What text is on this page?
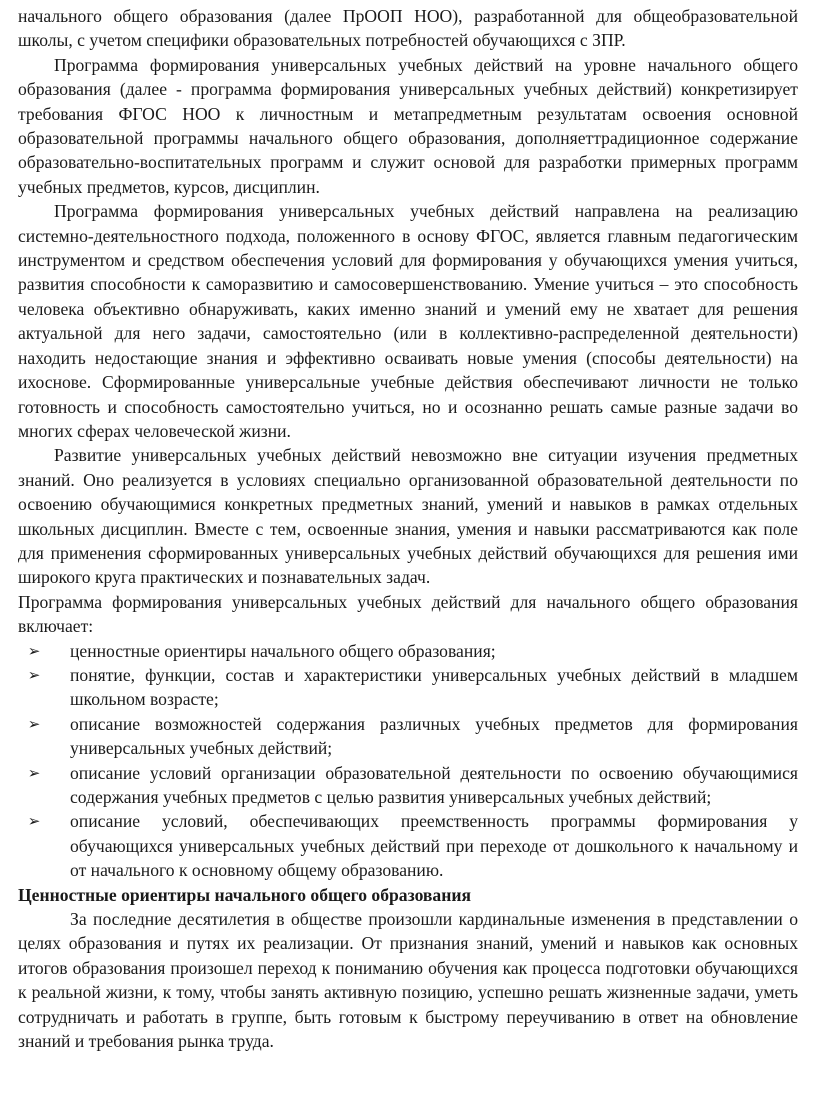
начального общего образования (далее ПрООП НОО), разработанной для общеобразовательной школы, с учетом специфики образовательных потребностей обучающихся с ЗПР.

Программа формирования универсальных учебных действий на уровне начального общего образования (далее - программа формирования универсальных учебных действий) конкретизирует требования ФГОС НОО к личностным и метапредметным результатам освоения основной образовательной программы начального общего образования, дополняеттрадиционное содержание образовательно-воспитательных программ и служит основой для разработки примерных программ учебных предметов, курсов, дисциплин.

Программа формирования универсальных учебных действий направлена на реализацию системно-деятельностного подхода, положенного в основу ФГОС, является главным педагогическим инструментом и средством обеспечения условий для формирования у обучающихся умения учиться, развития способности к саморазвитию и самосовершенствованию. Умение учиться – это способность человека объективно обнаруживать, каких именно знаний и умений ему не хватает для решения актуальной для него задачи, самостоятельно (или в коллективно-распределенной деятельности) находить недостающие знания и эффективно осваивать новые умения (способы деятельности) на ихоснове. Сформированные универсальные учебные действия обеспечивают личности не только готовность и способность самостоятельно учиться, но и осознанно решать самые разные задачи во многих сферах человеческой жизни.

Развитие универсальных учебных действий невозможно вне ситуации изучения предметных знаний. Оно реализуется в условиях специально организованной образовательной деятельности по освоению обучающимися конкретных предметных знаний, умений и навыков в рамках отдельных школьных дисциплин. Вместе с тем, освоенные знания, умения и навыки рассматриваются как поле для применения сформированных универсальных учебных действий обучающихся для решения ими широкого круга практических и познавательных задач.

Программа формирования универсальных учебных действий для начального общего образования включает:

➢ ценностные ориентиры начального общего образования;
➢ понятие, функции, состав и характеристики универсальных учебных действий в младшем школьном возрасте;
➢ описание возможностей содержания различных учебных предметов для формирования универсальных учебных действий;
➢ описание условий организации образовательной деятельности по освоению обучающимися содержания учебных предметов с целью развития универсальных учебных действий;
➢ описание условий, обеспечивающих преемственность программы формирования у обучающихся универсальных учебных действий при переходе от дошкольного к начальному и от начального к основному общему образованию.

Ценностные ориентиры начального общего образования

За последние десятилетия в обществе произошли кардинальные изменения в представлении о целях образования и путях их реализации. От признания знаний, умений и навыков как основных итогов образования произошел переход к пониманию обучения как процесса подготовки обучающихся к реальной жизни, к тому, чтобы занять активную позицию, успешно решать жизненные задачи, уметь сотрудничать и работать в группе, быть готовым к быстрому переучиванию в ответ на обновление знаний и требования рынка труда.
